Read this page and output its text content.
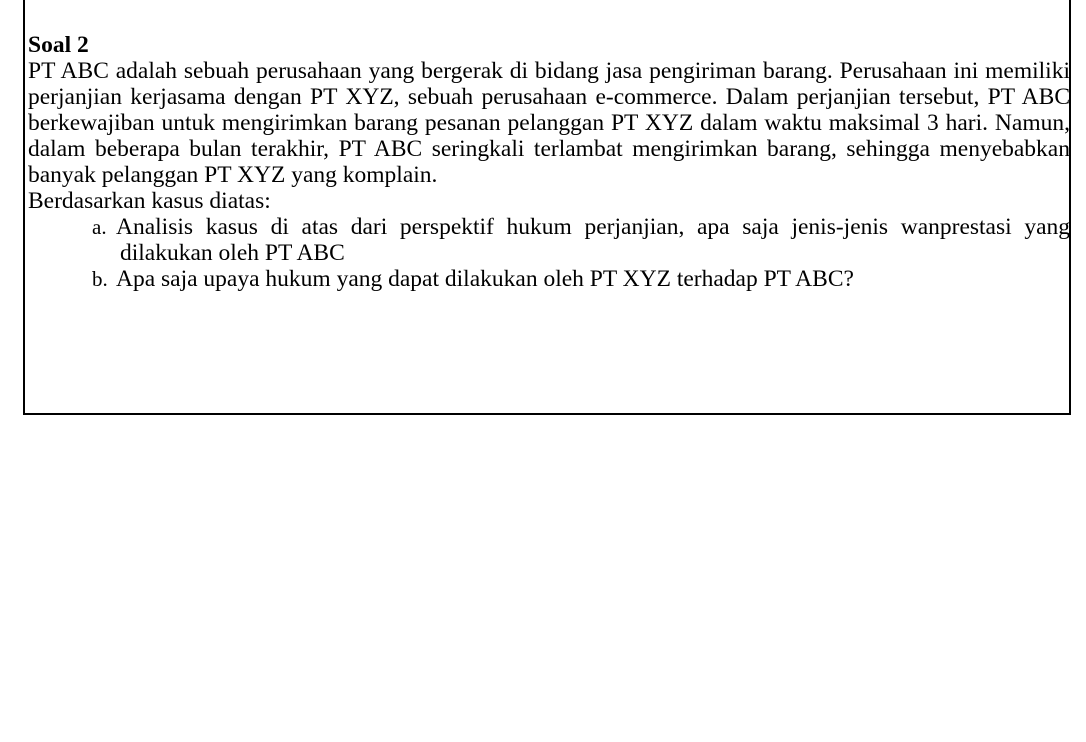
Soal 2

PT ABC adalah sebuah perusahaan yang bergerak di bidang jasa pengiriman barang. Perusahaan ini memiliki perjanjian kerjasama dengan PT XYZ, sebuah perusahaan e-commerce. Dalam perjanjian tersebut, PT ABC berkewajiban untuk mengirimkan barang pesanan pelanggan PT XYZ dalam waktu maksimal 3 hari. Namun, dalam beberapa bulan terakhir, PT ABC seringkali terlambat mengirimkan barang, sehingga menyebabkan banyak pelanggan PT XYZ yang komplain.

Berdasarkan kasus diatas:

a. Analisis kasus di atas dari perspektif hukum perjanjian, apa saja jenis-jenis wanprestasi yang dilakukan oleh PT ABC
b. Apa saja upaya hukum yang dapat dilakukan oleh PT XYZ terhadap PT ABC?
